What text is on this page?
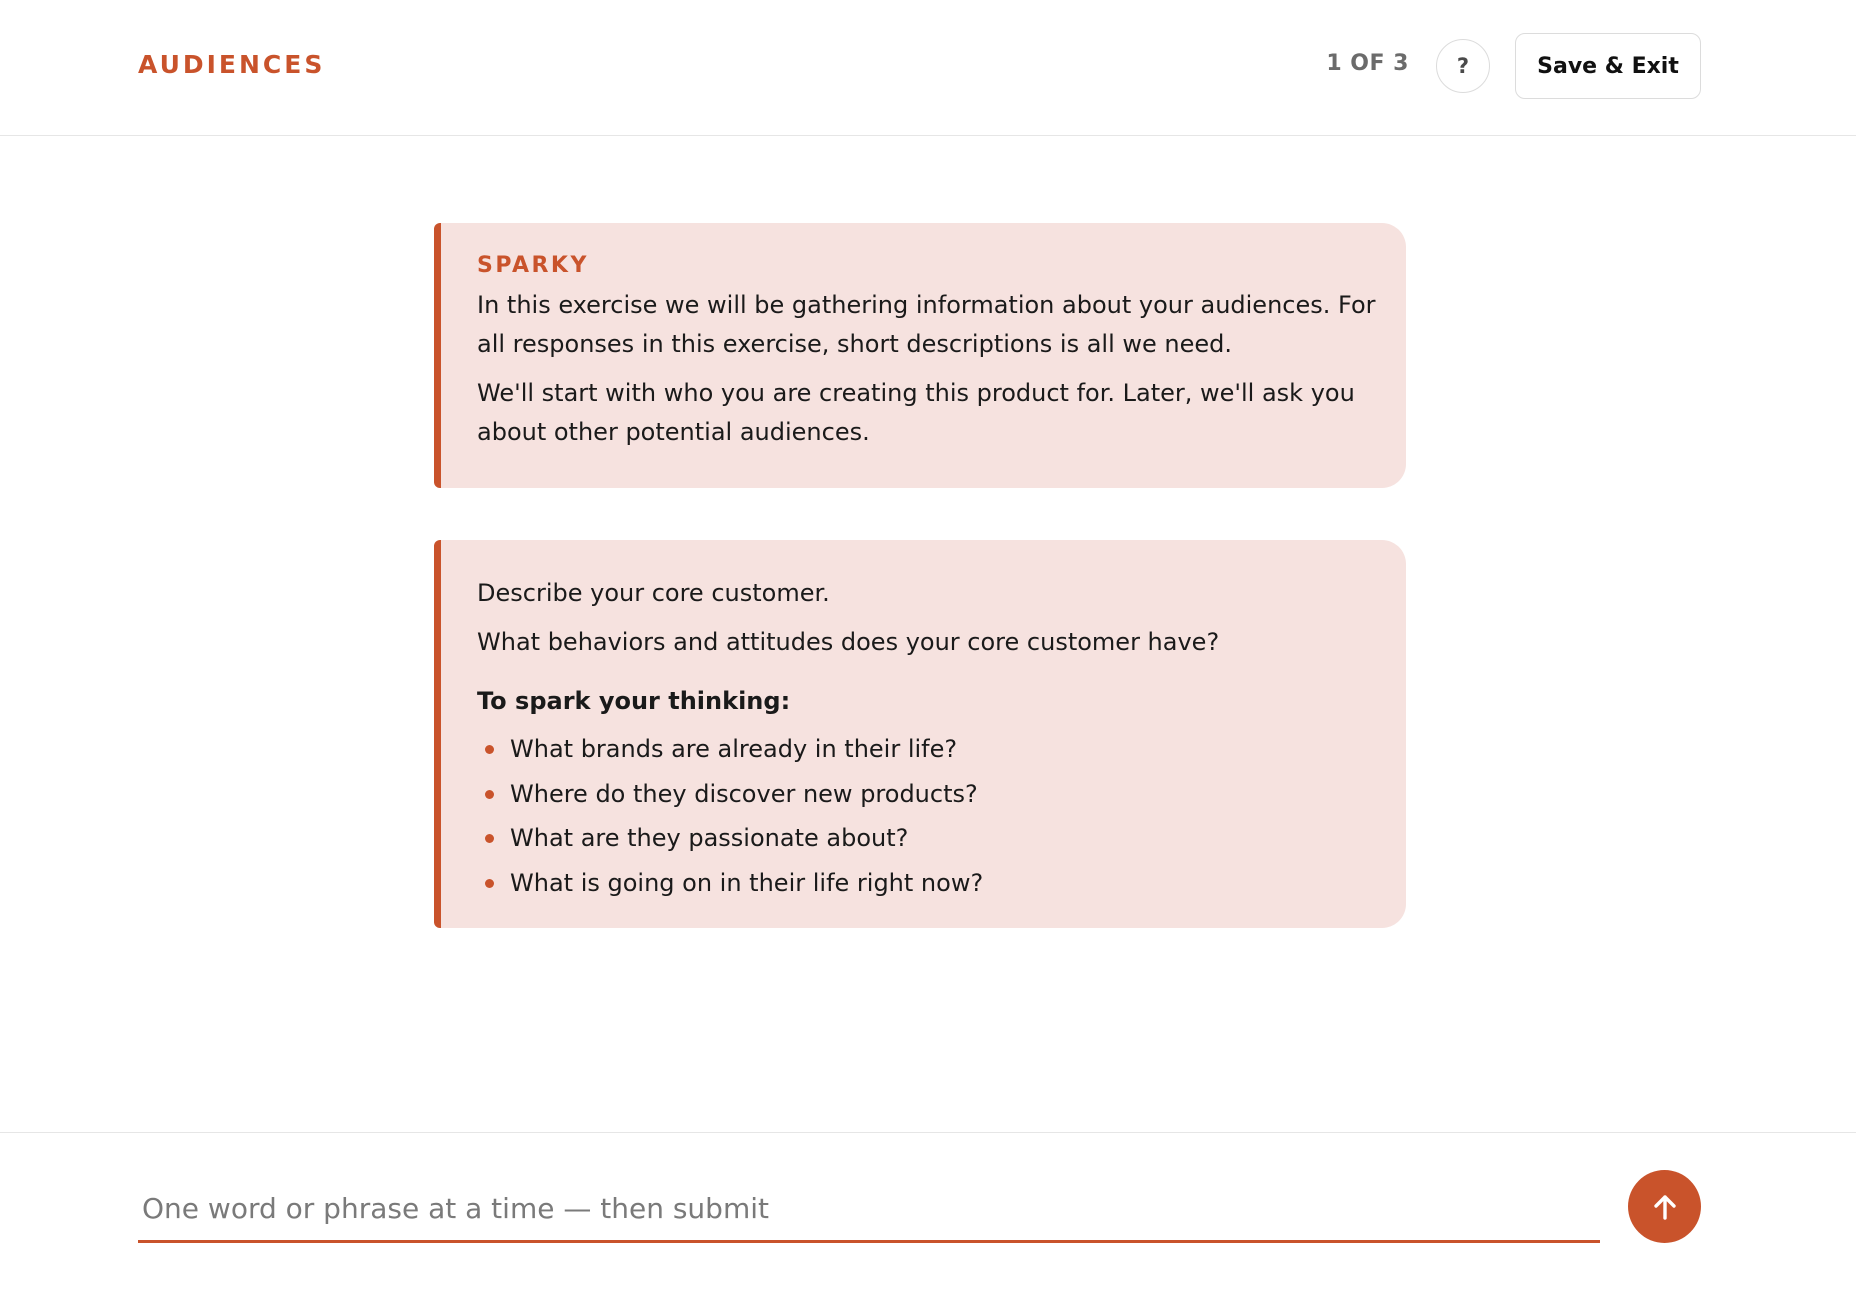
AUDIENCES	1 OF 3	?	Save & Exit
SPARKY

In this exercise we will be gathering information about your audiences. For all responses in this exercise, short descriptions is all we need.

We'll start with who you are creating this product for. Later, we'll ask you about other potential audiences.

Describe your core customer.

What behaviors and attitudes does your core customer have?

To spark your thinking:
What brands are already in their life?
Where do they discover new products?
What are they passionate about?
What is going on in their life right now?
One word or phrase at a time — then submit
